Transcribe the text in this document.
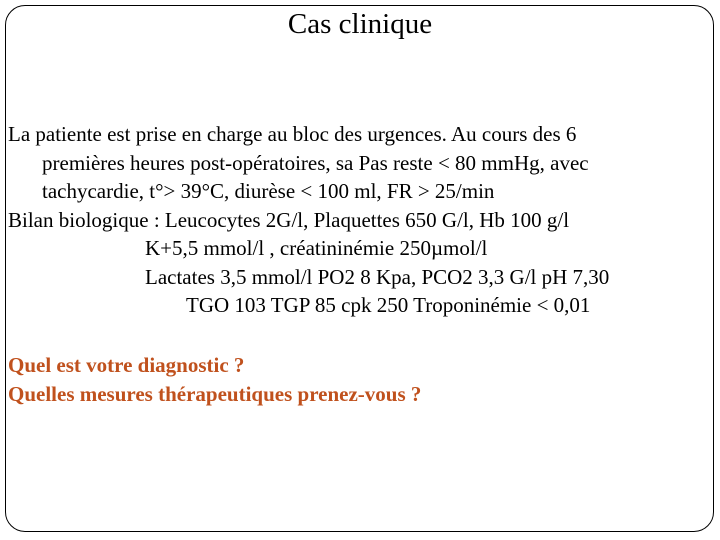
Cas clinique
La patiente est prise en charge au bloc des urgences. Au cours des 6
premières heures post-opératoires, sa Pas reste < 80 mmHg, avec
tachycardie, t°> 39°C, diurèse < 100 ml, FR > 25/min
Bilan biologique : Leucocytes 2G/l, Plaquettes 650 G/l, Hb 100 g/l
K+5,5 mmol/l , créatininémie 250µmol/l
Lactates 3,5 mmol/l PO2 8 Kpa, PCO2 3,3 G/l pH 7,30
TGO 103 TGP 85 cpk 250 Troponinémie < 0,01
Quel est votre diagnostic ?
Quelles mesures thérapeutiques prenez-vous ?
